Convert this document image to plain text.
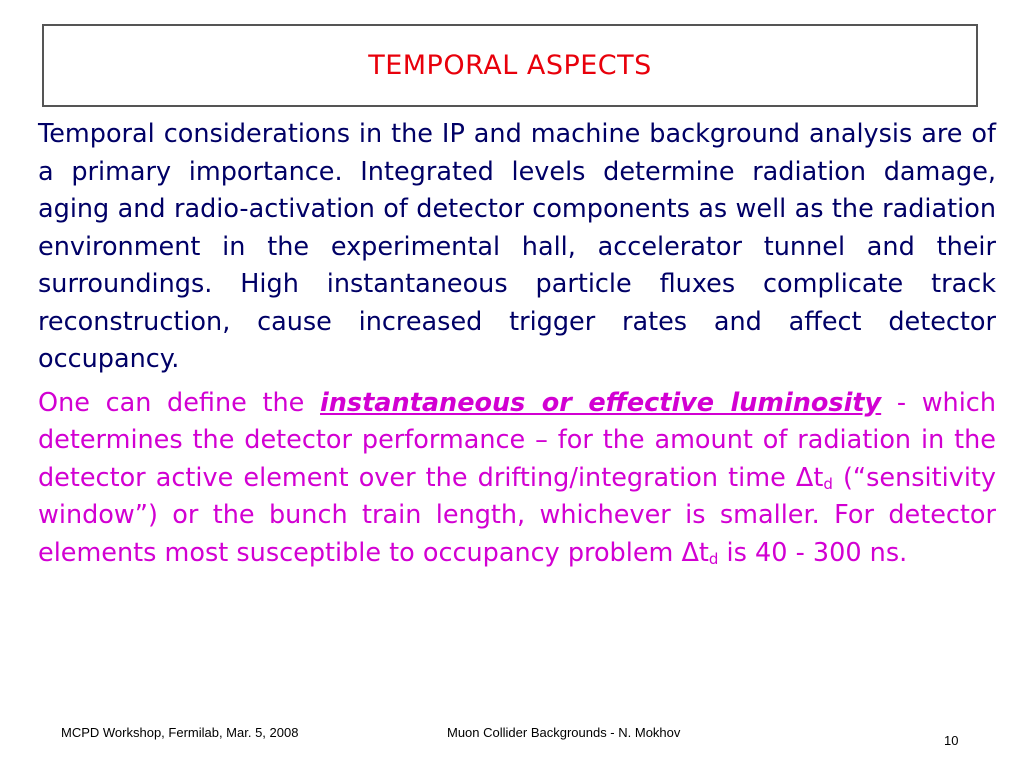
TEMPORAL ASPECTS

Temporal considerations in the IP and machine background analysis are of a primary importance. Integrated levels determine radiation damage, aging and radio-activation of detector components as well as the radiation environment in the experimental hall, accelerator tunnel and their surroundings. High instantaneous particle fluxes complicate track reconstruction, cause increased trigger rates and affect detector occupancy.

One can define the instantaneous or effective luminosity - which determines the detector performance – for the amount of radiation in the detector active element over the drifting/integration time $\Delta t_d$ (“sensitivity window”) or the bunch train length, whichever is smaller. For detector elements most susceptible to occupancy problem $\Delta t_d$ is 40 - 300 ns.

MCPD Workshop, Fermilab, Mar. 5, 2008	Muon Collider Backgrounds - N. Mokhov
10
